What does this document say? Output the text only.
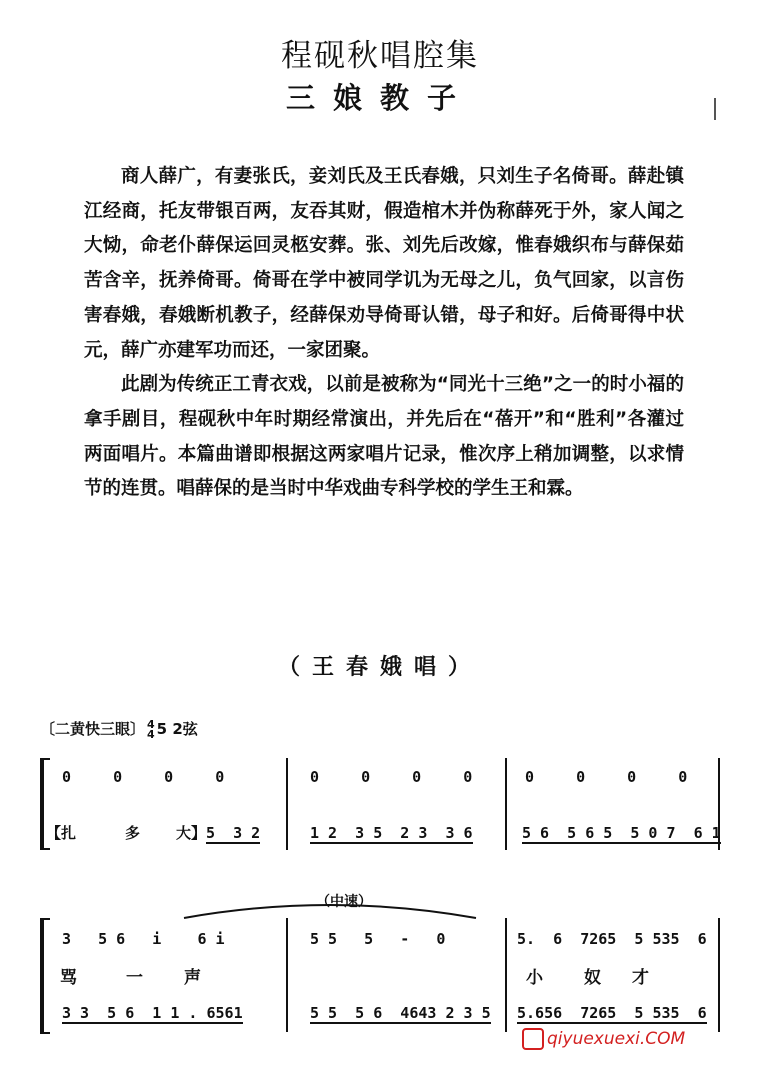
程砚秋唱腔集
三娘教子

商人薛广，有妻张氏，妾刘氏及王氏春娥，只刘生子名倚哥。薛赴镇江经商，托友带银百两，友吞其财，假造棺木并伪称薛死于外，家人闻之大恸，命老仆薛保运回灵柩安葬。张、刘先后改嫁，惟春娥织布与薛保茹苦含辛，抚养倚哥。倚哥在学中被同学讥为无母之儿，负气回家，以言伤害春娥，春娥断机教子，经薛保劝导倚哥认错，母子和好。后倚哥得中状元，薛广亦建军功而还，一家团聚。

此剧为传统正工青衣戏，以前是被称为“同光十三绝”之一的时小福的拿手剧目，程砚秋中年时期经常演出，并先后在“蓓开”和“胜利”各灌过两面唱片。本篇曲谱即根据这两家唱片记录，惟次序上稍加调整，以求情节的连贯。唱薛保的是当时中华戏曲专科学校的学生王和霖。

（王春娥唱）
〔二黄快三眼〕 4
4 5 2弦
0  0  0  0	0  0  0  0	0  0  0  0
【扎	多 大】 5  3 2	1 2  3 5  2 3  3 6	5 6  5 6 5  5 0 7  6 1
（中速）
3   5 6   i    6 i	5 5   5   -   0	5.  6  7265  5 535  6
骂	一 声	小 奴 才
3 3  5 6  1 1 . 6561	5 5  5 6  4643 2 3 5 5.656  7265  5 535  6
qiyuexuexi.COM
